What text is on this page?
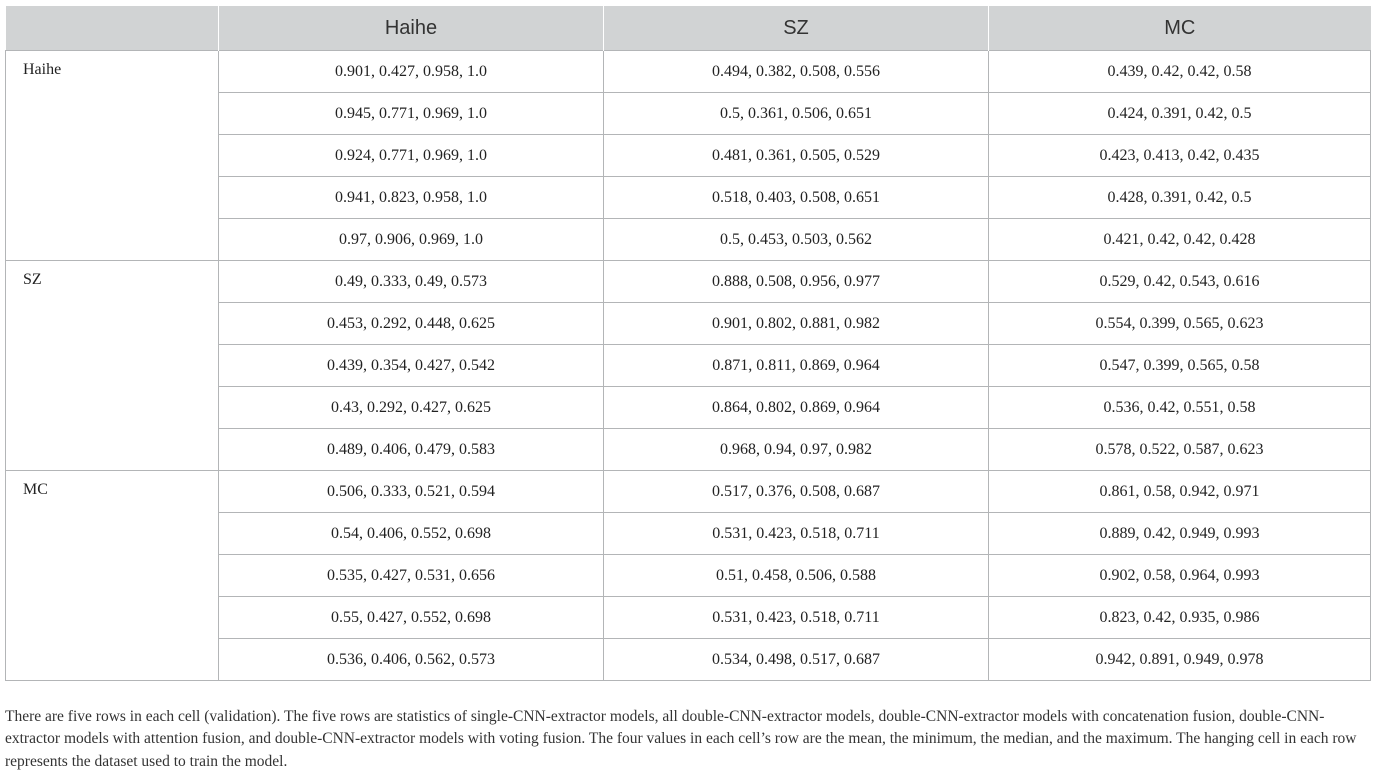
	Haihe	SZ	MC
Haihe	0.901, 0.427, 0.958, 1.0	0.494, 0.382, 0.508, 0.556	0.439, 0.42, 0.42, 0.58
	0.945, 0.771, 0.969, 1.0	0.5, 0.361, 0.506, 0.651	0.424, 0.391, 0.42, 0.5
	0.924, 0.771, 0.969, 1.0	0.481, 0.361, 0.505, 0.529	0.423, 0.413, 0.42, 0.435
	0.941, 0.823, 0.958, 1.0	0.518, 0.403, 0.508, 0.651	0.428, 0.391, 0.42, 0.5
	0.97, 0.906, 0.969, 1.0	0.5, 0.453, 0.503, 0.562	0.421, 0.42, 0.42, 0.428
SZ	0.49, 0.333, 0.49, 0.573	0.888, 0.508, 0.956, 0.977	0.529, 0.42, 0.543, 0.616
	0.453, 0.292, 0.448, 0.625	0.901, 0.802, 0.881, 0.982	0.554, 0.399, 0.565, 0.623
	0.439, 0.354, 0.427, 0.542	0.871, 0.811, 0.869, 0.964	0.547, 0.399, 0.565, 0.58
	0.43, 0.292, 0.427, 0.625	0.864, 0.802, 0.869, 0.964	0.536, 0.42, 0.551, 0.58
	0.489, 0.406, 0.479, 0.583	0.968, 0.94, 0.97, 0.982	0.578, 0.522, 0.587, 0.623
MC	0.506, 0.333, 0.521, 0.594	0.517, 0.376, 0.508, 0.687	0.861, 0.58, 0.942, 0.971
	0.54, 0.406, 0.552, 0.698	0.531, 0.423, 0.518, 0.711	0.889, 0.42, 0.949, 0.993
	0.535, 0.427, 0.531, 0.656	0.51, 0.458, 0.506, 0.588	0.902, 0.58, 0.964, 0.993
	0.55, 0.427, 0.552, 0.698	0.531, 0.423, 0.518, 0.711	0.823, 0.42, 0.935, 0.986
	0.536, 0.406, 0.562, 0.573	0.534, 0.498, 0.517, 0.687	0.942, 0.891, 0.949, 0.978

There are five rows in each cell (validation). The five rows are statistics of single-CNN-extractor models, all double-CNN-extractor models, double-CNN-extractor models with concatenation fusion, double-CNN-extractor models with attention fusion, and double-CNN-extractor models with voting fusion. The four values in each cell’s row are the mean, the minimum, the median, and the maximum. The hanging cell in each row represents the dataset used to train the model.
